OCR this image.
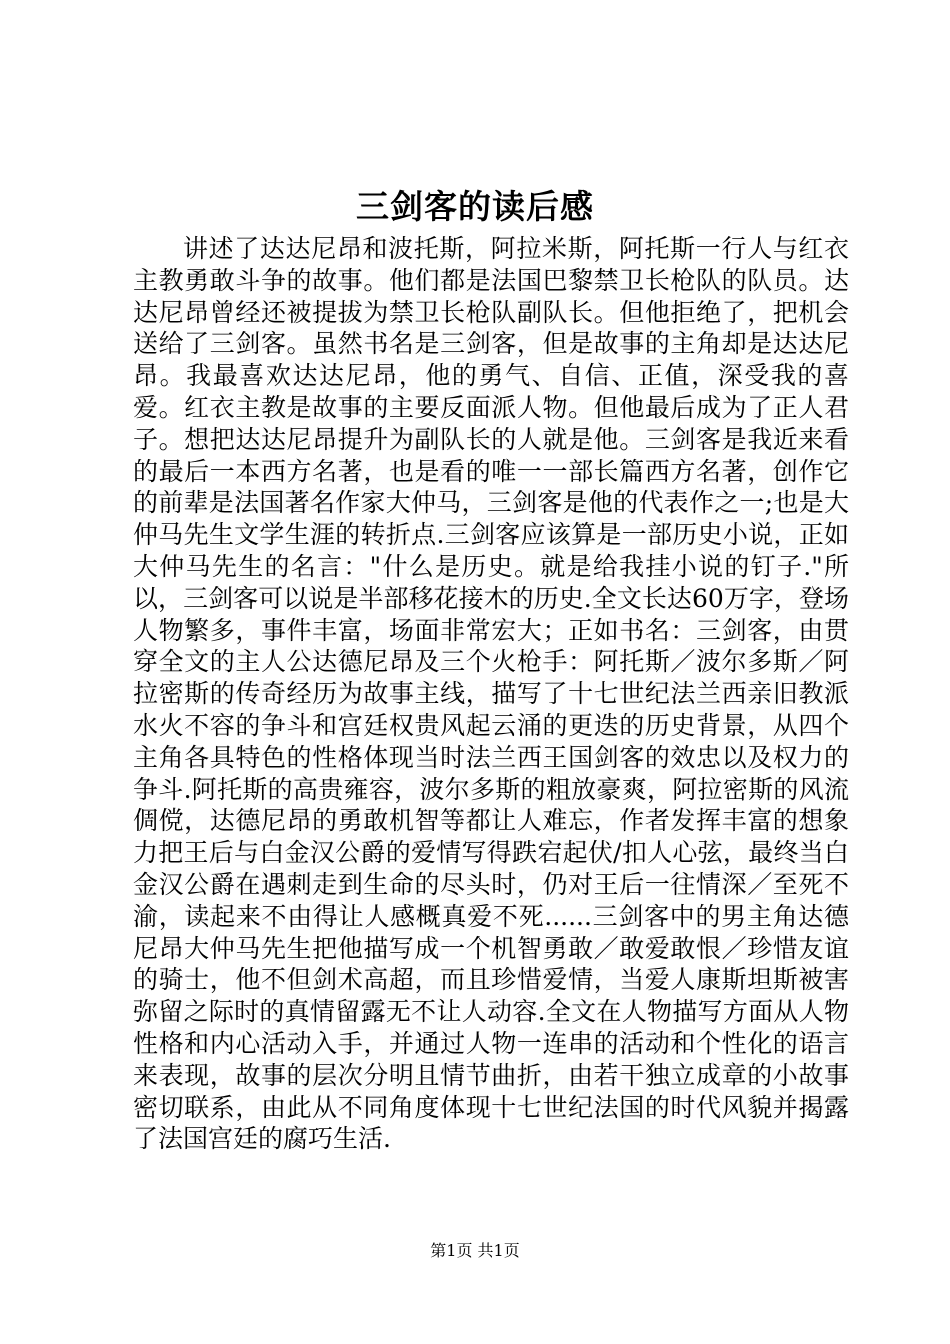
三剑客的读后感

讲述了达达尼昂和波托斯，阿拉米斯，阿托斯一行人与红衣主教勇敢斗争的故事。他们都是法国巴黎禁卫长枪队的队员。达达尼昂曾经还被提拔为禁卫长枪队副队长。但他拒绝了，把机会送给了三剑客。虽然书名是三剑客，但是故事的主角却是达达尼昂。我最喜欢达达尼昂，他的勇气、自信、正值，深受我的喜爱。红衣主教是故事的主要反面派人物。但他最后成为了正人君子。想把达达尼昂提升为副队长的人就是他。三剑客是我近来看的最后一本西方名著，也是看的唯一一部长篇西方名著，创作它的前辈是法国著名作家大仲马，三剑客是他的代表作之一;也是大仲马先生文学生涯的转折点.三剑客应该算是一部历史小说，正如大仲马先生的名言："什么是历史。就是给我挂小说的钉子."所以，三剑客可以说是半部移花接木的历史.全文长达60万字，登场人物繁多，事件丰富，场面非常宏大；正如书名：三剑客，由贯穿全文的主人公达德尼昂及三个火枪手：阿托斯／波尔多斯／阿拉密斯的传奇经历为故事主线，描写了十七世纪法兰西亲旧教派水火不容的争斗和宫廷权贵风起云涌的更迭的历史背景，从四个主角各具特色的性格体现当时法兰西王国剑客的效忠以及权力的争斗.阿托斯的高贵雍容，波尔多斯的粗放豪爽，阿拉密斯的风流倜傥，达德尼昂的勇敢机智等都让人难忘，作者发挥丰富的想象力把王后与白金汉公爵的爱情写得跌宕起伏/扣人心弦，最终当白金汉公爵在遇刺走到生命的尽头时，仍对王后一往情深／至死不渝，读起来不由得让人感概真爱不死......三剑客中的男主角达德尼昂大仲马先生把他描写成一个机智勇敢／敢爱敢恨／珍惜友谊的骑士，他不但剑术高超，而且珍惜爱情，当爱人康斯坦斯被害弥留之际时的真情留露无不让人动容.全文在人物描写方面从人物性格和内心活动入手，并通过人物一连串的活动和个性化的语言来表现，故事的层次分明且情节曲折，由若干独立成章的小故事密切联系，由此从不同角度体现十七世纪法国的时代风貌并揭露了法国宫廷的腐巧生活.

第1页 共1页
